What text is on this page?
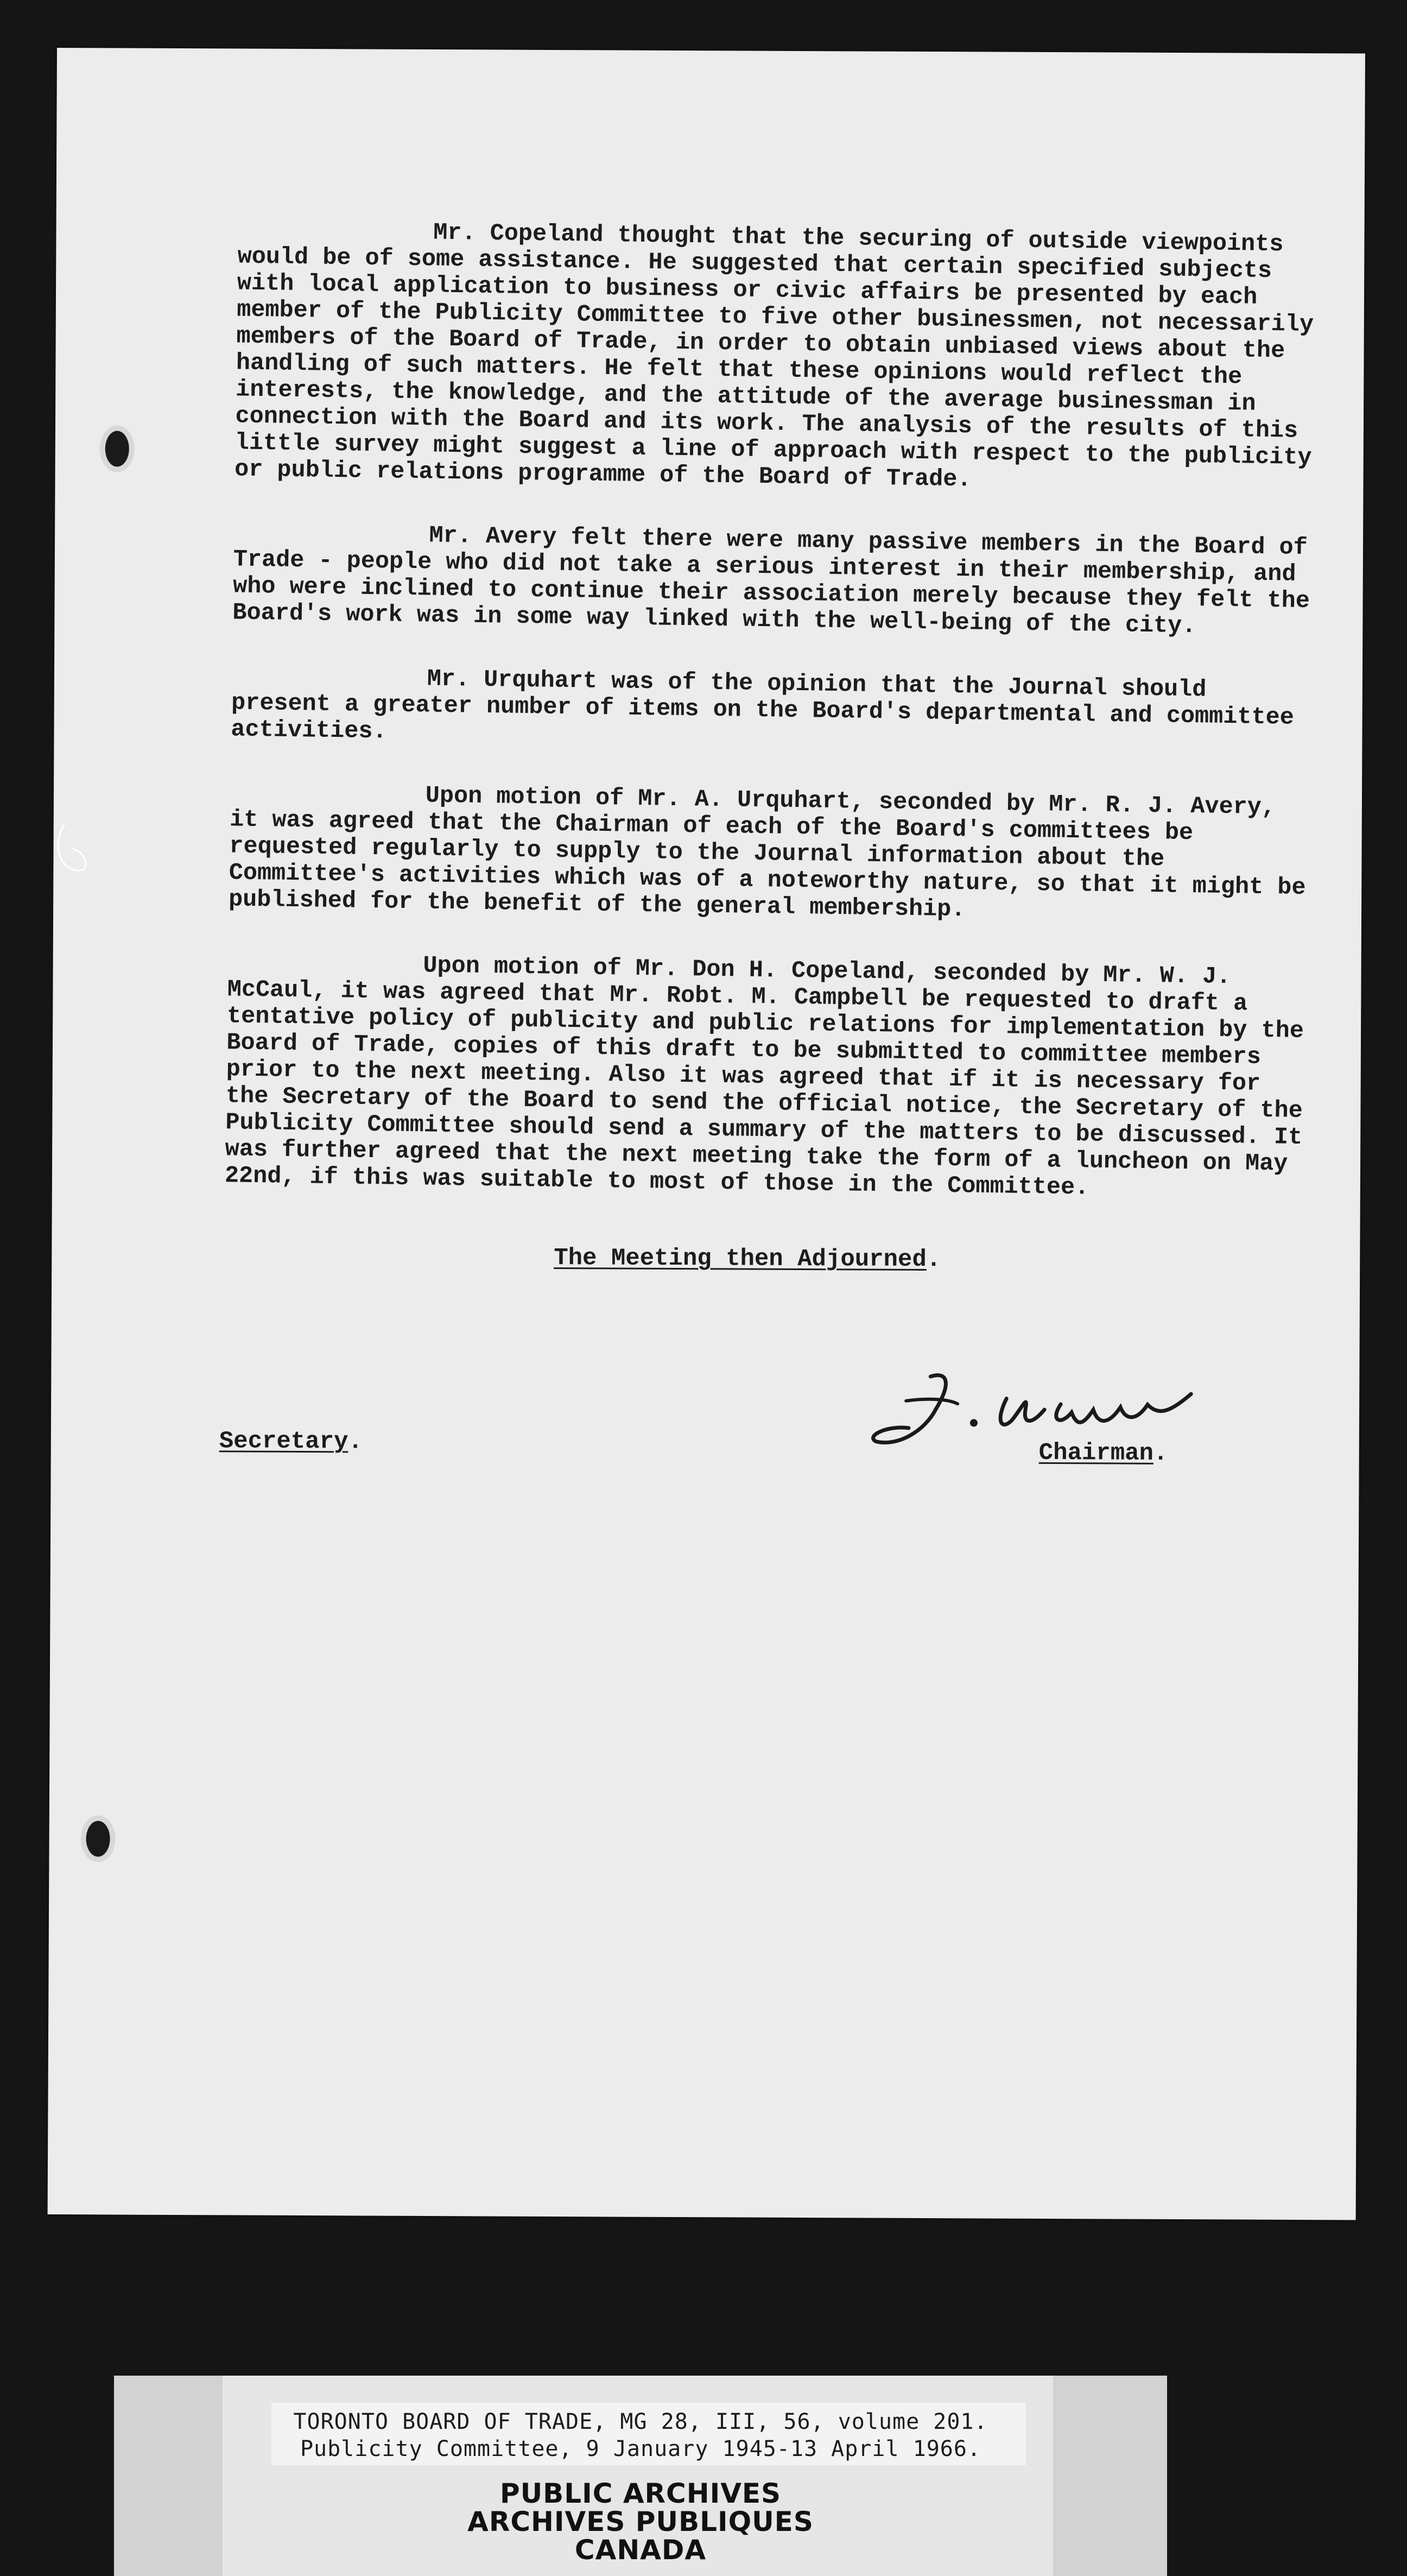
Mr. Copeland thought that the securing of outside viewpoints would be of some assistance. He suggested that certain specified subjects with local application to business or civic affairs be presented by each member of the Publicity Committee to five other businessmen, not necessarily members of the Board of Trade, in order to obtain unbiased views about the handling of such matters. He felt that these opinions would reflect the interests, the knowledge, and the attitude of the average businessman in connection with the Board and its work. The analysis of the results of this little survey might suggest a line of approach with respect to the publicity or public relations programme of the Board of Trade.

Mr. Avery felt there were many passive members in the Board of Trade - people who did not take a serious interest in their membership, and who were inclined to continue their association merely because they felt the Board's work was in some way linked with the well-being of the city.

Mr. Urquhart was of the opinion that the Journal should present a greater number of items on the Board's departmental and committee activities.

Upon motion of Mr. A. Urquhart, seconded by Mr. R. J. Avery, it was agreed that the Chairman of each of the Board's committees be requested regularly to supply to the Journal information about the Committee's activities which was of a noteworthy nature, so that it might be published for the benefit of the general membership.

Upon motion of Mr. Don H. Copeland, seconded by Mr. W. J. McCaul, it was agreed that Mr. Robt. M. Campbell be requested to draft a tentative policy of publicity and public relations for implementation by the Board of Trade, copies of this draft to be submitted to committee members prior to the next meeting. Also it was agreed that if it is necessary for the Secretary of the Board to send the official notice, the Secretary of the Publicity Committee should send a summary of the matters to be discussed. It was further agreed that the next meeting take the form of a luncheon on May 22nd, if this was suitable to most of those in the Committee.

The Meeting then Adjourned.
Secretary.	Chairman.
TORONTO BOARD OF TRADE, MG 28, III, 56, volume 201.
Publicity Committee, 9 January 1945-13 April 1966.
PUBLIC ARCHIVES
ARCHIVES PUBLIQUES
CANADA
